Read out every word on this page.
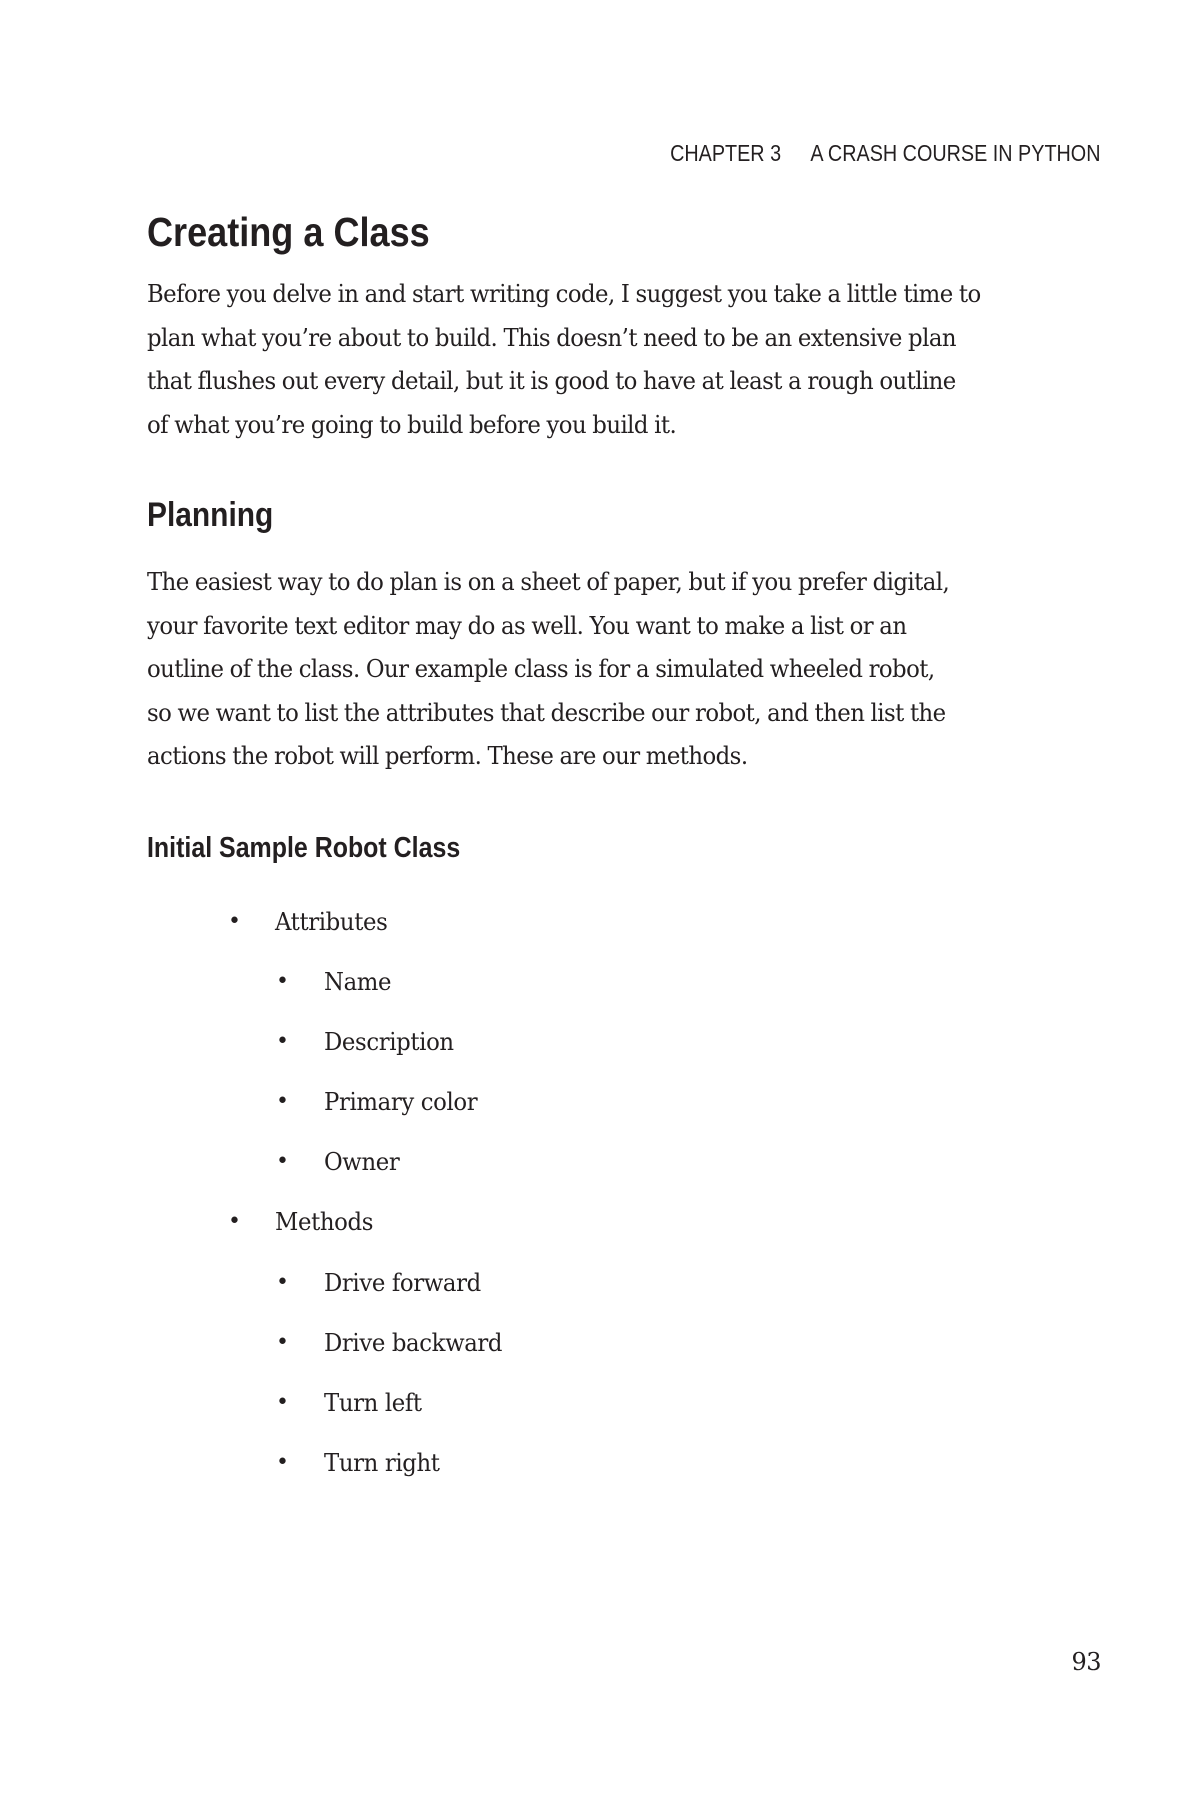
CHAPTER 3 A CRASH COURSE IN PYTHON
Creating a Class

Before you delve in and start writing code, I suggest you take a little time to
plan what you’re about to build. This doesn’t need to be an extensive plan
that flushes out every detail, but it is good to have at least a rough outline
of what you’re going to build before you build it.

Planning

The easiest way to do plan is on a sheet of paper, but if you prefer digital,
your favorite text editor may do as well. You want to make a list or an
outline of the class. Our example class is for a simulated wheeled robot,
so we want to list the attributes that describe our robot, and then list the
actions the robot will perform. These are our methods.

Initial Sample Robot Class
• Attributes
• Name
• Description
• Primary color
• Owner
• Methods
• Drive forward
• Drive backward
• Turn left
• Turn right
93
